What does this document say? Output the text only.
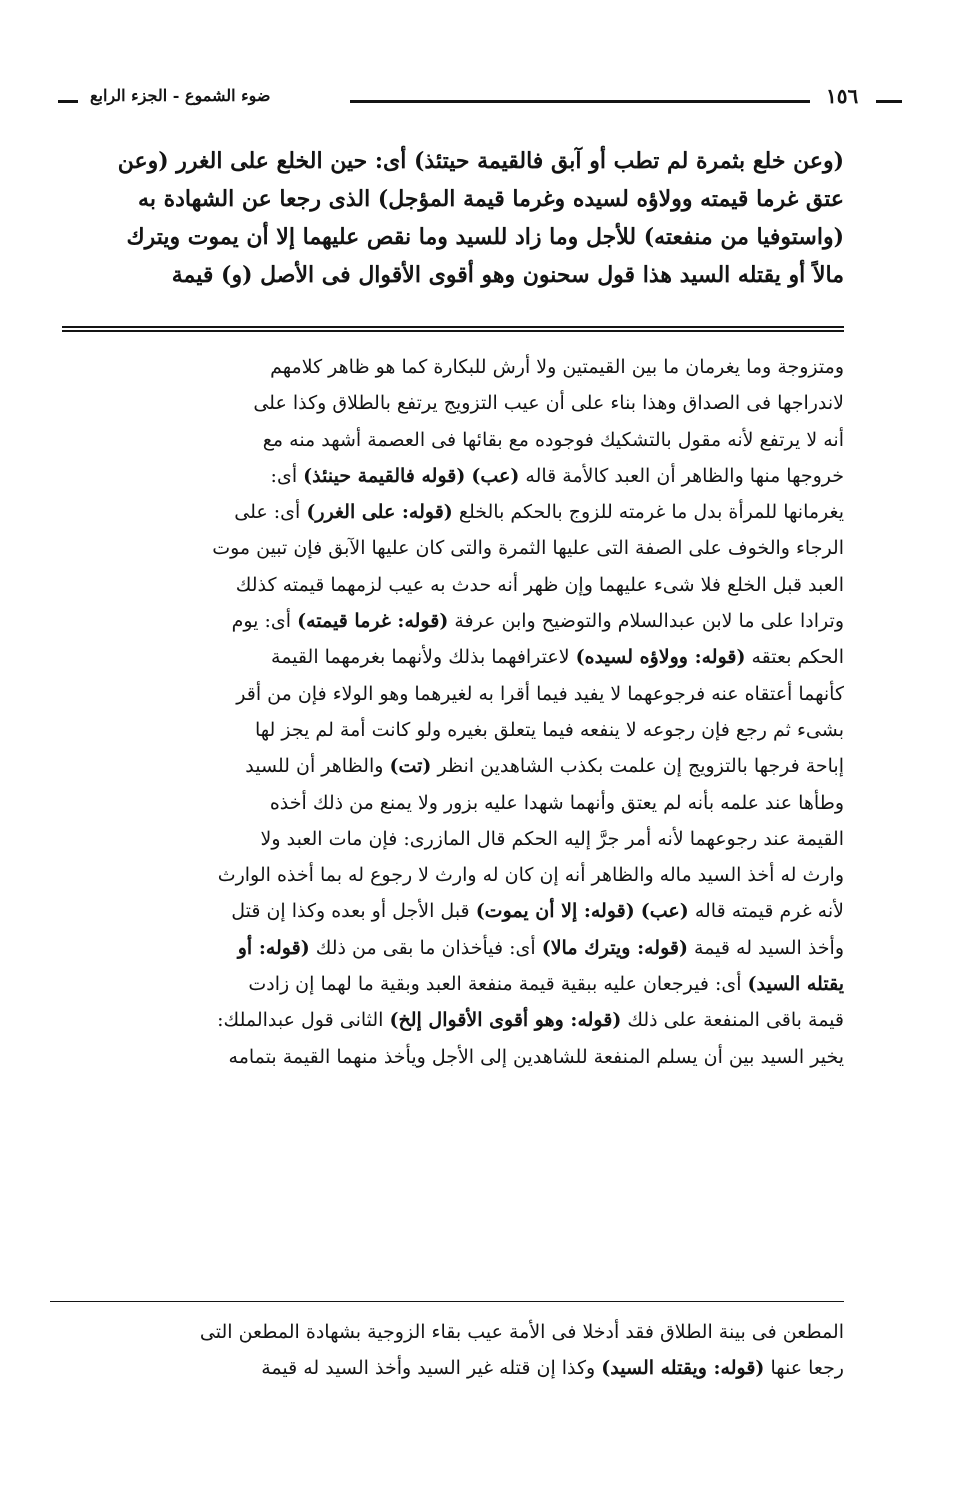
ضوء الشموع - الجزء الرابع	١٥٦
(وعن خلع بثمرة لم تطب أو آبق فالقيمة حيتئذ) أى: حين الخلع على الغرر (وعن
عتق غرما قيمته وولاؤه لسيده وغرما قيمة المؤجل) الذى رجعا عن الشهادة به
(واستوفيا من منفعته) للأجل وما زاد للسيد وما نقص عليهما إلا أن يموت ويترك
مالاً أو يقتله السيد هذا قول سحنون وهو أقوى الأقوال فى الأصل (و) قيمة
ومتزوجة وما يغرمان ما بين القيمتين ولا أرش للبكارة كما هو ظاهر كلامهم
لاندراجها فى الصداق وهذا بناء على أن عيب التزويج يرتفع بالطلاق وكذا على
أنه لا يرتفع لأنه مقول بالتشكيك فوجوده مع بقائها فى العصمة أشهد منه مع
خروجها منها والظاهر أن العبد كالأمة قاله (عب) (قوله فالقيمة حينئذ) أى:
يغرمانها للمرأة بدل ما غرمته للزوج بالحكم بالخلع (قوله: على الغرر) أى: على
الرجاء والخوف على الصفة التى عليها الثمرة والتى كان عليها الآبق فإن تبين موت
العبد قبل الخلع فلا شىء عليهما وإن ظهر أنه حدث به عيب لزمهما قيمته كذلك
وترادا على ما لابن عبدالسلام والتوضيح وابن عرفة (قوله: غرما قيمته) أى: يوم
الحكم بعتقه (قوله: وولاؤه لسيده) لاعترافهما بذلك ولأنهما بغرمهما القيمة
كأنهما أعتقاه عنه فرجوعهما لا يفيد فيما أقرا به لغيرهما وهو الولاء فإن من أقر
بشىء ثم رجع فإن رجوعه لا ينفعه فيما يتعلق بغيره ولو كانت أمة لم يجز لها
إباحة فرجها بالتزويج إن علمت بكذب الشاهدين انظر (تت) والظاهر أن للسيد
وطأها عند علمه بأنه لم يعتق وأنهما شهدا عليه بزور ولا يمنع من ذلك أخذه
القيمة عند رجوعهما لأنه أمر جرَّ إليه الحكم قال المازرى: فإن مات العبد ولا
وارث له أخذ السيد ماله والظاهر أنه إن كان له وارث لا رجوع له بما أخذه الوارث
لأنه غرم قيمته قاله (عب) (قوله: إلا أن يموت) قبل الأجل أو بعده وكذا إن قتل
وأخذ السيد له قيمة (قوله: ويترك مالا) أى: فيأخذان ما بقى من ذلك (قوله: أو
يقتله السيد) أى: فيرجعان عليه ببقية قيمة منفعة العبد وبقية ما لهما إن زادت
قيمة باقى المنفعة على ذلك (قوله: وهو أقوى الأقوال إلخ) الثانى قول عبدالملك:
يخير السيد بين أن يسلم المنفعة للشاهدين إلى الأجل ويأخذ منهما القيمة بتمامه
المطعن فى بينة الطلاق فقد أدخلا فى الأمة عيب بقاء الزوجية بشهادة المطعن التى
رجعا عنها (قوله: ويقتله السيد) وكذا إن قتله غير السيد وأخذ السيد له قيمة
